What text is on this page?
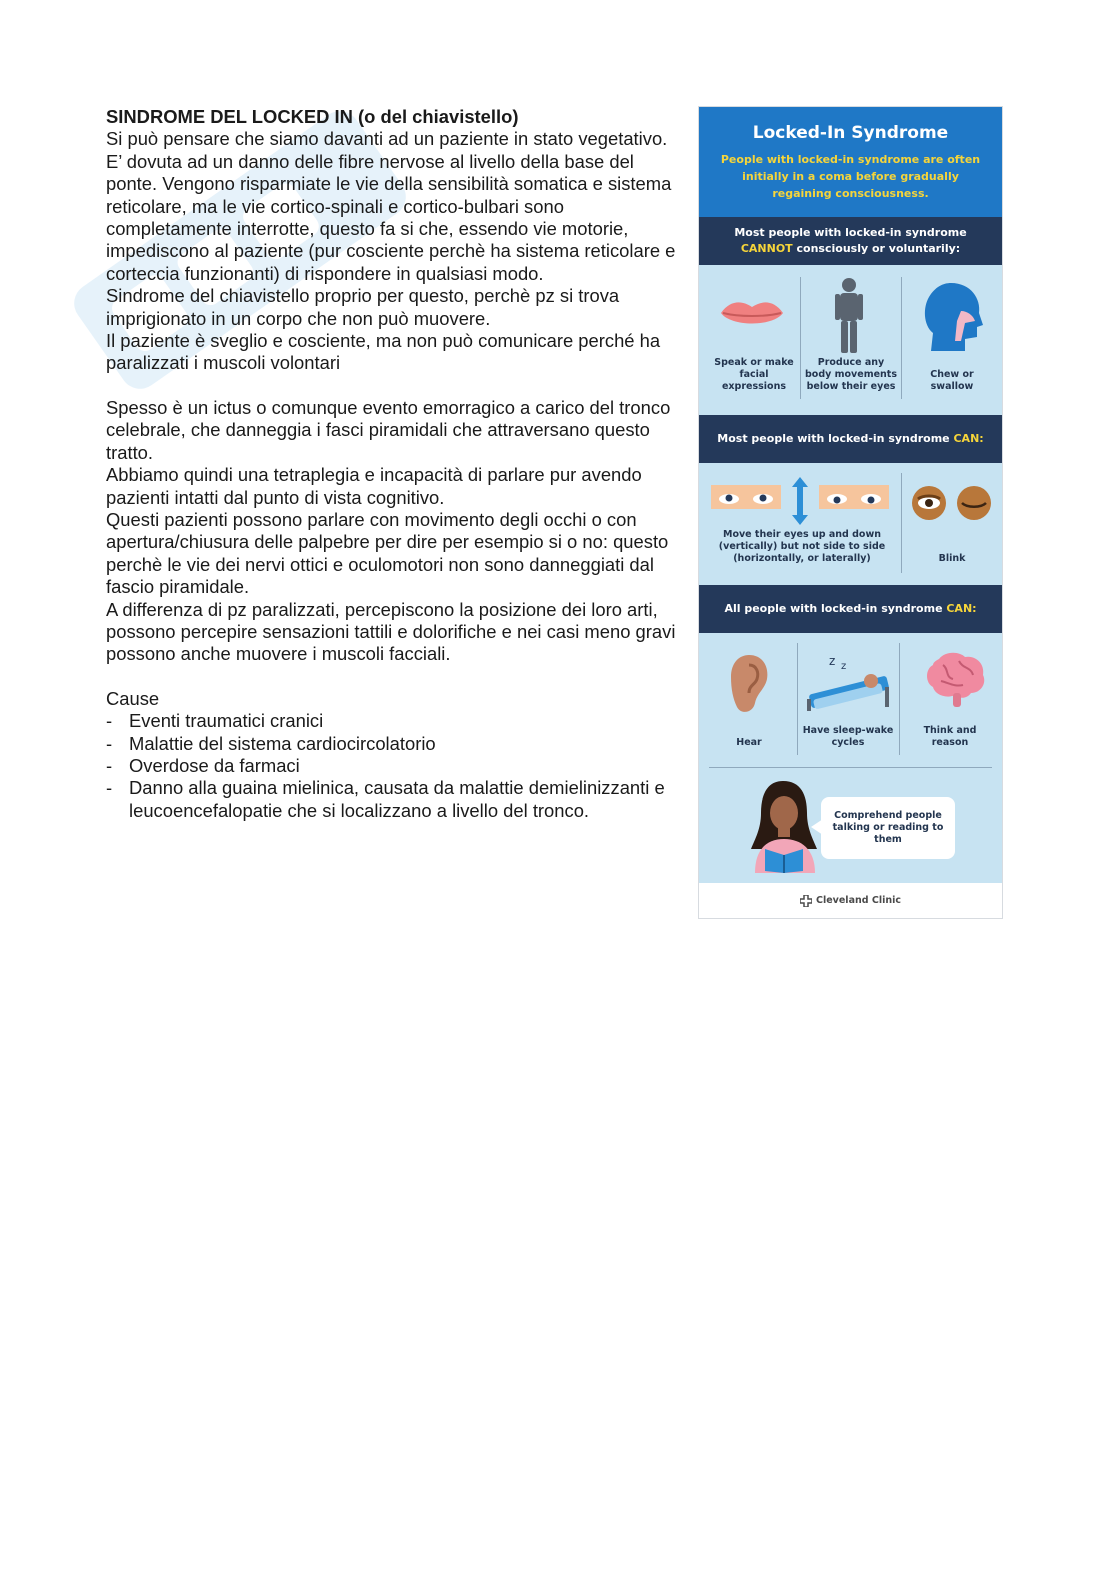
SINDROME DEL LOCKED IN (o del chiavistello)

Si può pensare che siamo davanti ad un paziente in stato vegetativo. E’ dovuta ad un danno delle fibre nervose al livello della base del ponte. Vengono risparmiate le vie della sensibilità somatica e sistema reticolare, ma le vie cortico-spinali e cortico-bulbari sono completamente interrotte, questo fa si che, essendo vie motorie, impediscono al paziente (pur cosciente perchè ha sistema reticolare e corteccia funzionanti) di rispondere in qualsiasi modo.

Sindrome del chiavistello proprio per questo, perchè pz si trova imprigionato in un corpo che non può muovere.

Il paziente è sveglio e cosciente, ma non può comunicare perché ha paralizzati i muscoli volontari

Spesso è un ictus o comunque evento emorragico a carico del tronco celebrale, che danneggia i fasci piramidali che attraversano questo tratto.

Abbiamo quindi una tetraplegia e incapacità di parlare pur avendo pazienti intatti dal punto di vista cognitivo.

Questi pazienti possono parlare con movimento degli occhi o con apertura/chiusura delle palpebre per dire per esempio si o no: questo perchè le vie dei nervi ottici e oculomotori non sono danneggiati dal fascio piramidale.

A differenza di pz paralizzati, percepiscono la posizione dei loro arti, possono percepire sensazioni tattili e dolorifiche e nei casi meno gravi possono anche muovere i muscoli facciali.

Cause

- Eventi traumatici cranici
- Malattie del sistema cardiocircolatorio
- Overdose da farmaci
- Danno alla guaina mielinica, causata da malattie demielinizzanti e leucoencefalopatie che si localizzano a livello del tronco.
Locked-In Syndrome
People with locked-in syndrome are often initially in a coma before gradually regaining consciousness.
Most people with locked-in syndrome
CANNOT consciously or voluntarily:
Speak or make facial expressions
Produce any body movements below their eyes
Chew or swallow
Most people with locked-in syndrome CAN:
Move their eyes up and down (vertically) but not side to side (horizontally, or laterally)	Blink
All people with locked-in syndrome CAN:
z z
Hear
Have sleep-wake cycles
Think and reason
Comprehend people talking or reading to them
Cleveland Clinic
